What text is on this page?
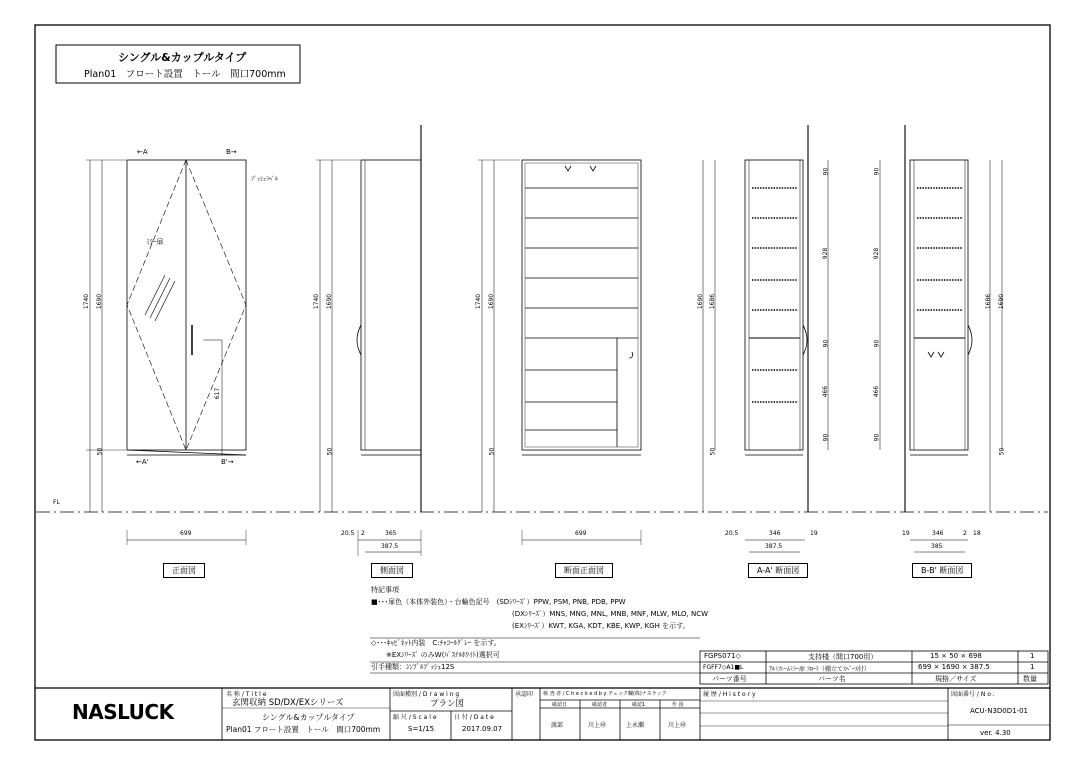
シングル&カップルタイプ
Plan01　フロート設置　トール　間口700mm
←A	B→
←A'	B'→
ﾌﾟｯｼｭﾗﾍﾞﾙ
ﾐﾗｰ扉
1740 1690
50
617
699
FL
1740 1690
50
20.5 2	365
387.5
1740 1690
50
699
1690 1686
50
90
928
90
466
90
20.5	346	19
387.5
90
928
90
466
90
1686 1690
50
19	346	2 18
385
正面図	側面図	断面正面図	A-A' 断面図	B-B' 断面図
特記事項
■･･･扉色（本体外装色）・台輪色記号　(SDｼﾘｰｽﾞ）PPW, PSM, PNB, PDB, PPW
(DXｼﾘｰｽﾞ）MNS, MNG, MNL, MNB, MNF, MLW, MLO, NCW
(EXｼﾘｰｽﾞ）KWT, KGA, KDT, KBE, KWP, KGH を示す。
◇･･･ｷｬﾋﾞﾈｯﾄ内装　C:ﾁｬｺｰﾙｸﾞﾚｰ を示す。
※EXｼﾘｰｽﾞ のみW(ﾊﾟｽﾃﾙﾎﾜｲﾄ)選択可
引手種類：ｼﾝﾌﾟﾙﾌﾟｯｼｭ12S
FGPS071◇	支持棧（間口700用）	15 × 50 × 698	1
FGFF7◇A1■L	ｱﾙﾐﾌﾚｰﾑﾐﾗｰ扉 ﾌﾛｰﾄ（棚立てｽﾍﾟｰｽ付）	699 × 1690 × 387.5	1
パーツ番号	パーツ名	規格／サイズ	数量
NASLUCK
名 称 / T i t l e
玄関収納 SD/DX/EXシリーズ
シングル&カップルタイプ
Plan01 フロート設置　トール　間口700mm
図面種別 / D r a w i n g
プラン図
縮 尺 / S c a l e
S=1/15
日 付 / D a t e
2017.09.07
承認印 検 査 者 / C h e c k e d b y チェック欄(株)ナスラック
確認日	確認者	確認1	作 図
渡部	川上㊞	上永瀬	川上㊞
履 歴 / H i s t o r y	図面番号 / N o .
ACU-N3D0D1-01
ver. 4.30
